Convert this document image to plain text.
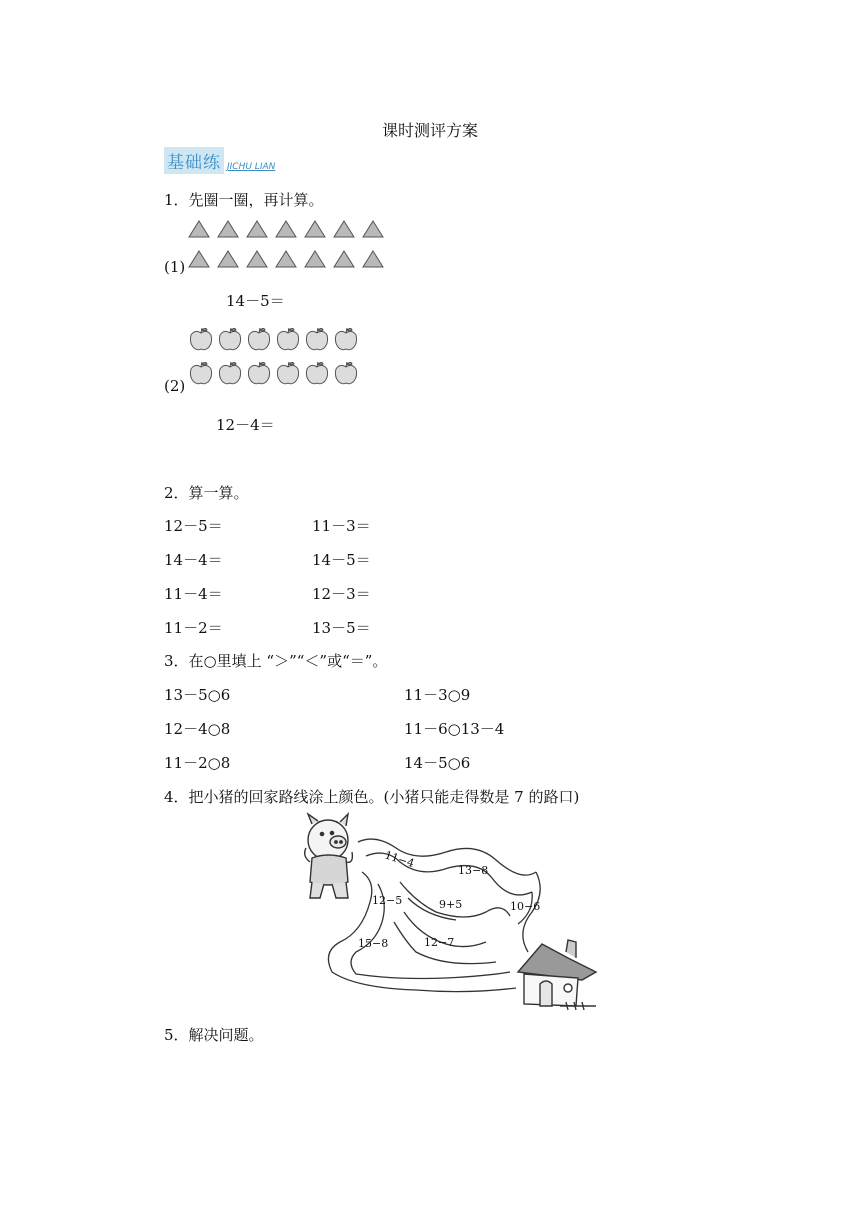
课时测评方案
基础练 JICHU LIAN
1．先圈一圈，再计算。
(1)
14－5＝
(2)
12－4＝
2．算一算。
12－5＝	11－3＝
14－4＝	14－5＝
11－4＝	12－3＝
11－2＝	13－5＝
3．在○里填上 “＞”“＜”或“＝”。
13－5○6	11－3○9
12－4○8	11－6○13－4
11－2○8	14－5○6
4．把小猪的回家路线涂上颜色。(小猪只能走得数是 7 的路口)
11−4
13−8
12−5	9+5	10−6
15−8	12−7
5．解决问题。
